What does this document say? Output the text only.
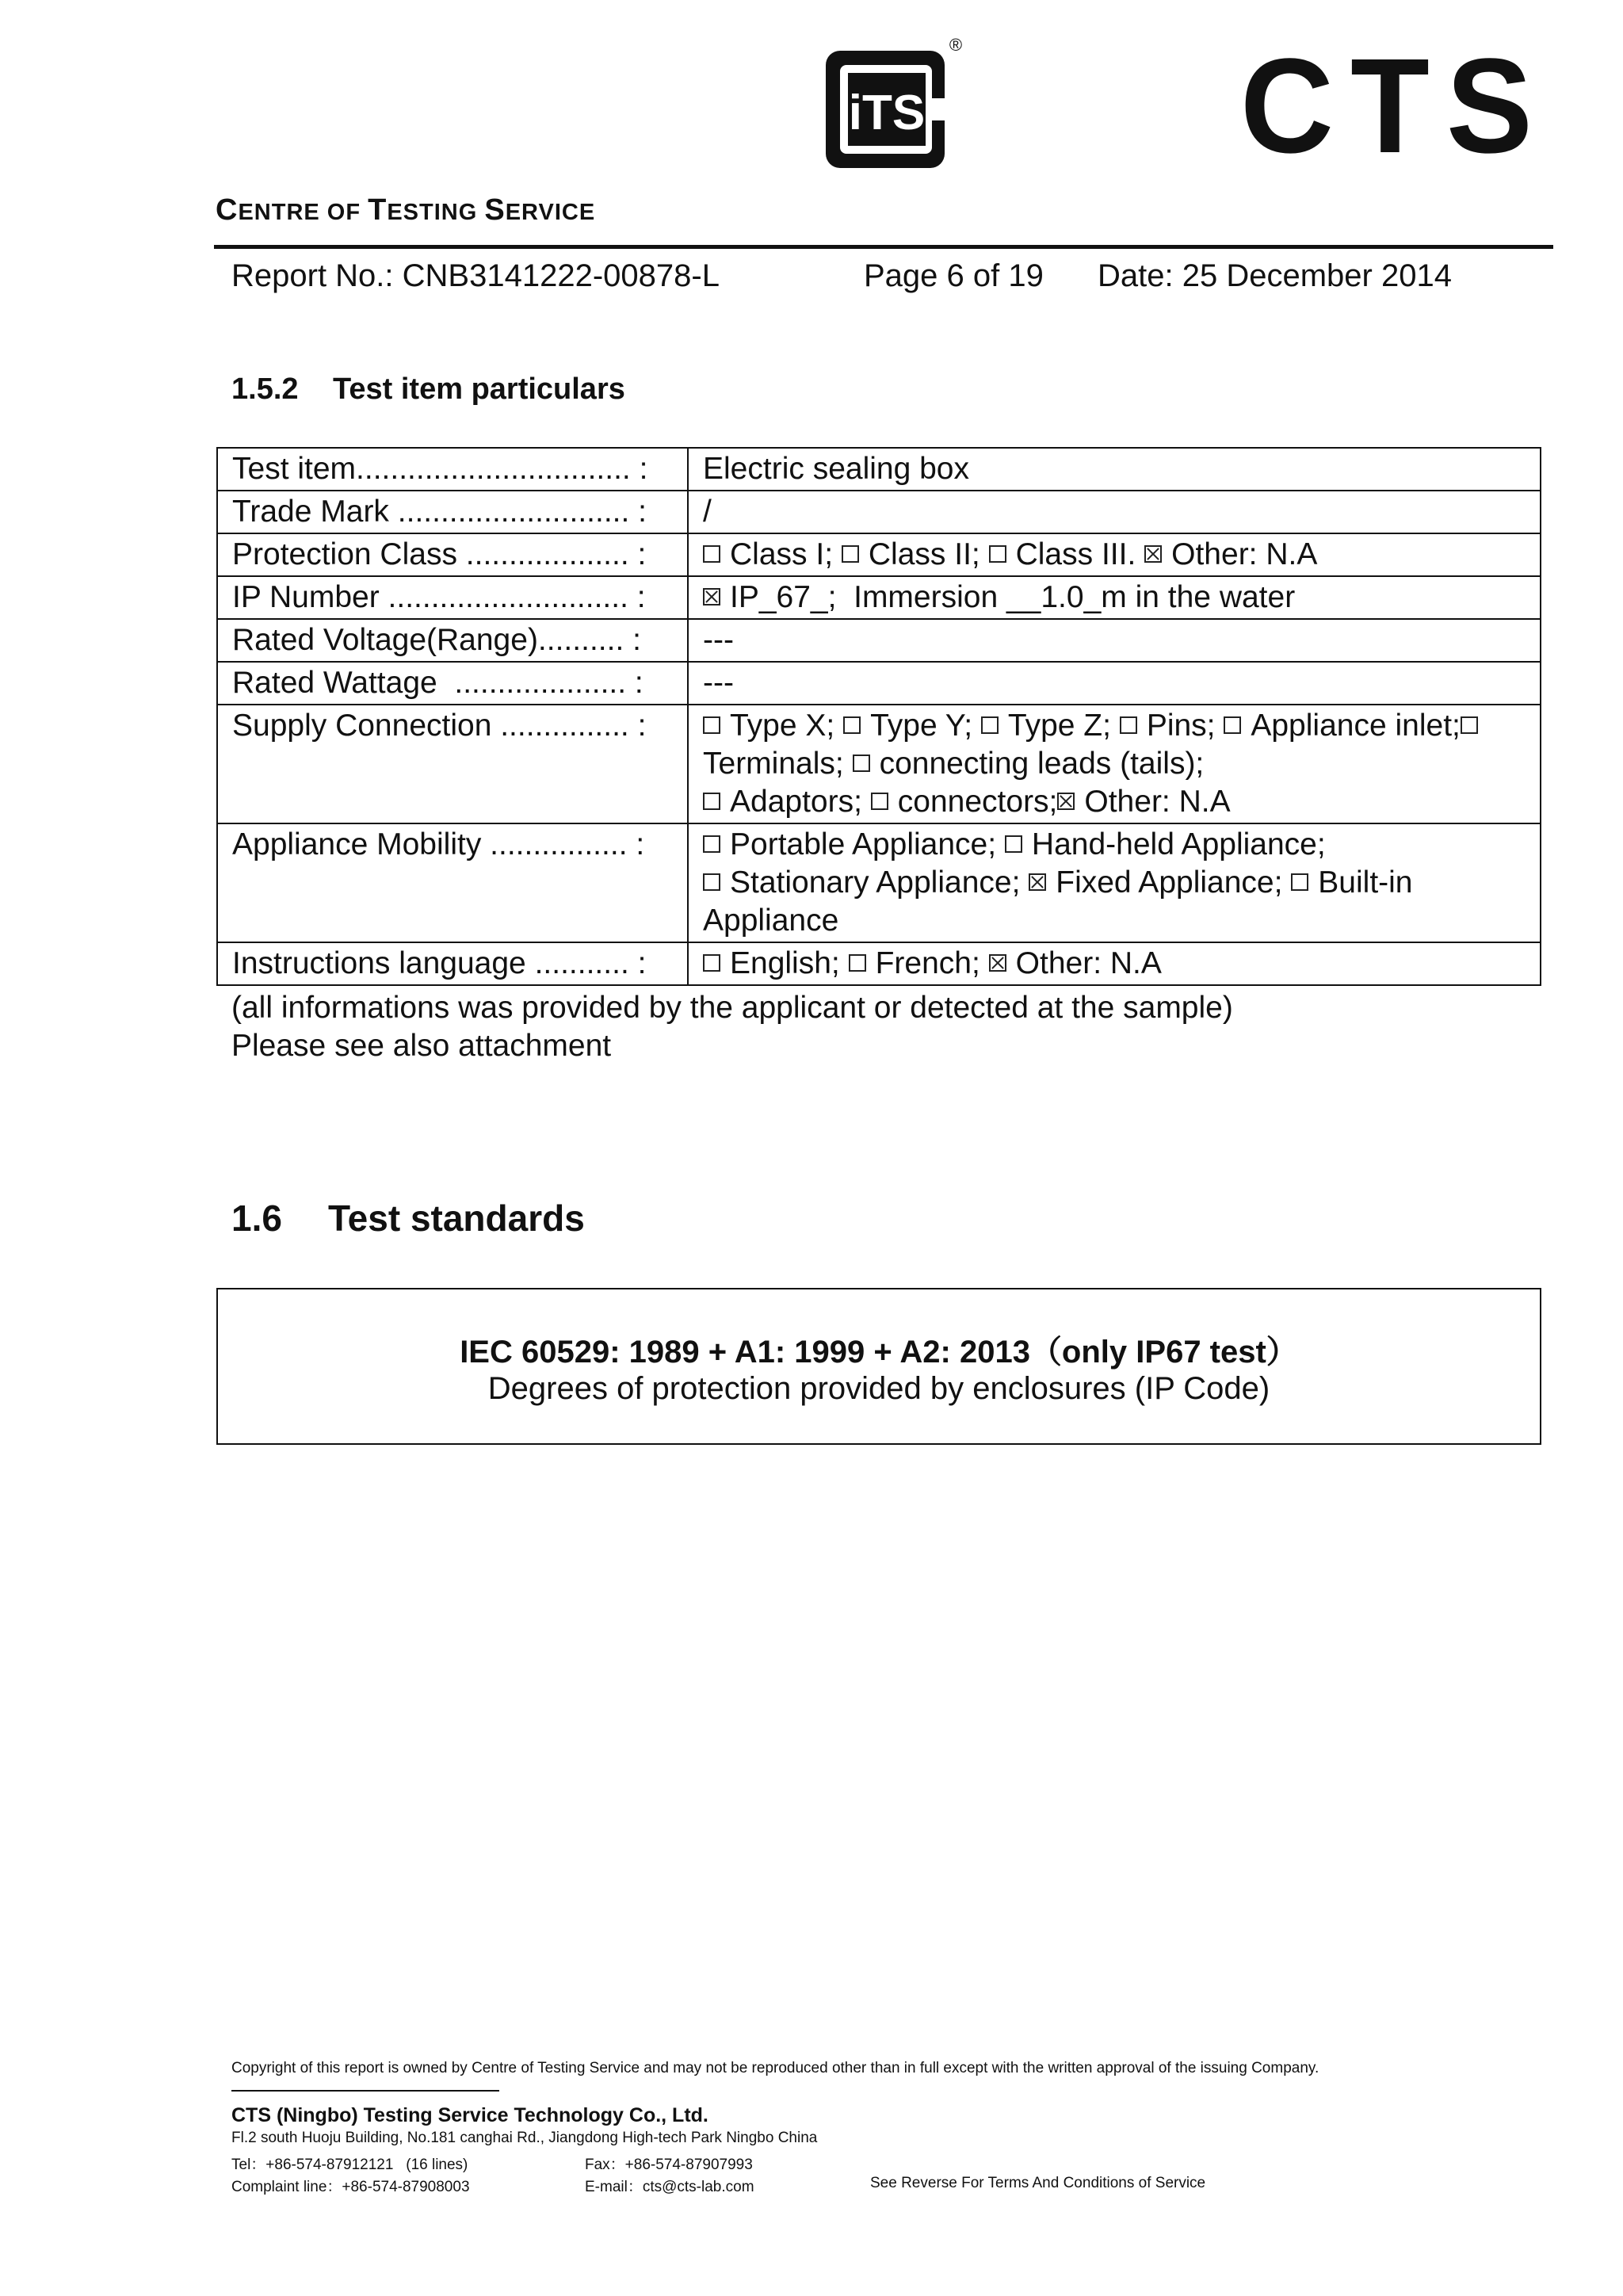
iTS
® CTS
CENTRE OF TESTING SERVICE
Report No.: CNB3141222-00878-L	Page 6 of 19 Date: 25 December 2014
1.5.2 Test item particulars
Test item................................ :	Electric sealing box
Trade Mark ........................... :	/
Protection Class ................... :	Class I; Class II; Class III. Other: N.A
IP Number ............................ :	IP_67_;  Immersion __1.0_m in the water
Rated Voltage(Range).......... :	---
Rated Wattage  .................... :	---
Supply Connection ............... :	Type X; Type Y; Type Z; Pins; Appliance inlet;Terminals; connecting leads (tails);
Adaptors; connectors; Other: N.A
Appliance Mobility ................ :	Portable Appliance; Hand-held Appliance;
Stationary Appliance; Fixed Appliance; Built-in Appliance
Instructions language ........... :	English; French; Other: N.A
(all informations was provided by the applicant or detected at the sample)
Please see also attachment
1.6 Test standards
IEC 60529: 1989 + A1: 1999 + A2: 2013（only IP67 test）
Degrees of protection provided by enclosures (IP Code)
Copyright of this report is owned by Centre of Testing Service and may not be reproduced other than in full except with the written approval of the issuing Company.
CTS (Ningbo) Testing Service Technology Co., Ltd.
Fl.2 south Huoju Building, No.181 canghai Rd., Jiangdong High-tech Park Ningbo China
Tel：+86-574-87912121   (16 lines)	Fax：+86-574-87907993
Complaint line：+86-574-87908003	E-mail：cts@cts-lab.com	See Reverse For Terms And Conditions of Service
